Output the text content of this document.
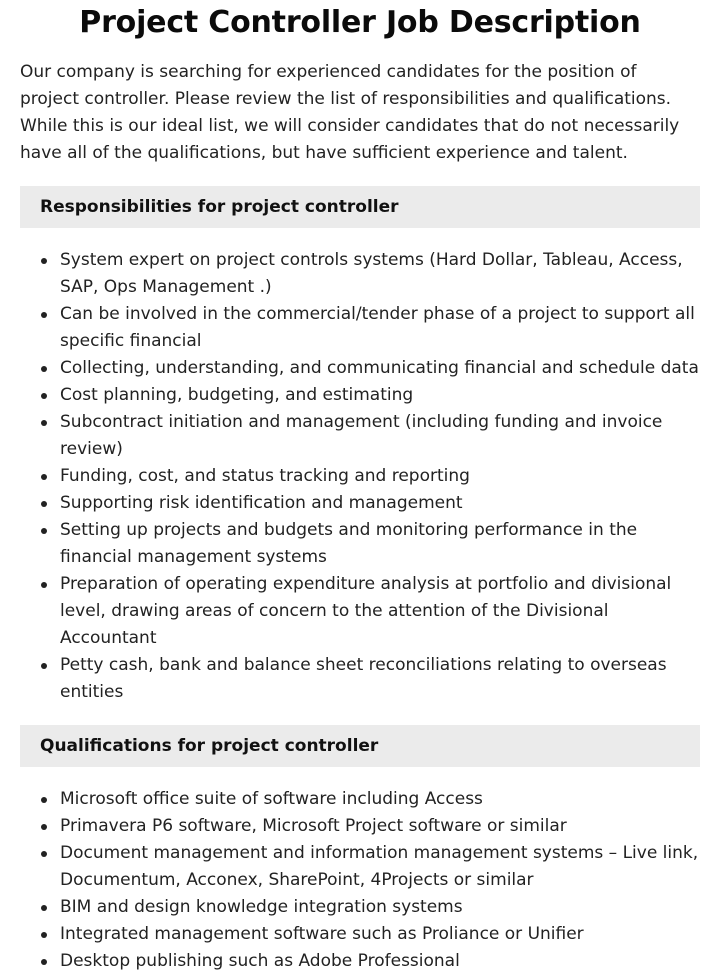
Project Controller Job Description

Our company is searching for experienced candidates for the position of project controller. Please review the list of responsibilities and qualifications. While this is our ideal list, we will consider candidates that do not necessarily have all of the qualifications, but have sufficient experience and talent.

Responsibilities for project controller
System expert on project controls systems (Hard Dollar, Tableau, Access, SAP, Ops Management .)
Can be involved in the commercial/tender phase of a project to support all specific financial
Collecting, understanding, and communicating financial and schedule data
Cost planning, budgeting, and estimating
Subcontract initiation and management (including funding and invoice review)
Funding, cost, and status tracking and reporting
Supporting risk identification and management
Setting up projects and budgets and monitoring performance in the financial management systems
Preparation of operating expenditure analysis at portfolio and divisional level, drawing areas of concern to the attention of the Divisional Accountant
Petty cash, bank and balance sheet reconciliations relating to overseas entities
Qualifications for project controller
Microsoft office suite of software including Access
Primavera P6 software, Microsoft Project software or similar
Document management and information management systems – Live link, Documentum, Acconex, SharePoint, 4Projects or similar
BIM and design knowledge integration systems
Integrated management software such as Proliance or Unifier
Desktop publishing such as Adobe Professional
